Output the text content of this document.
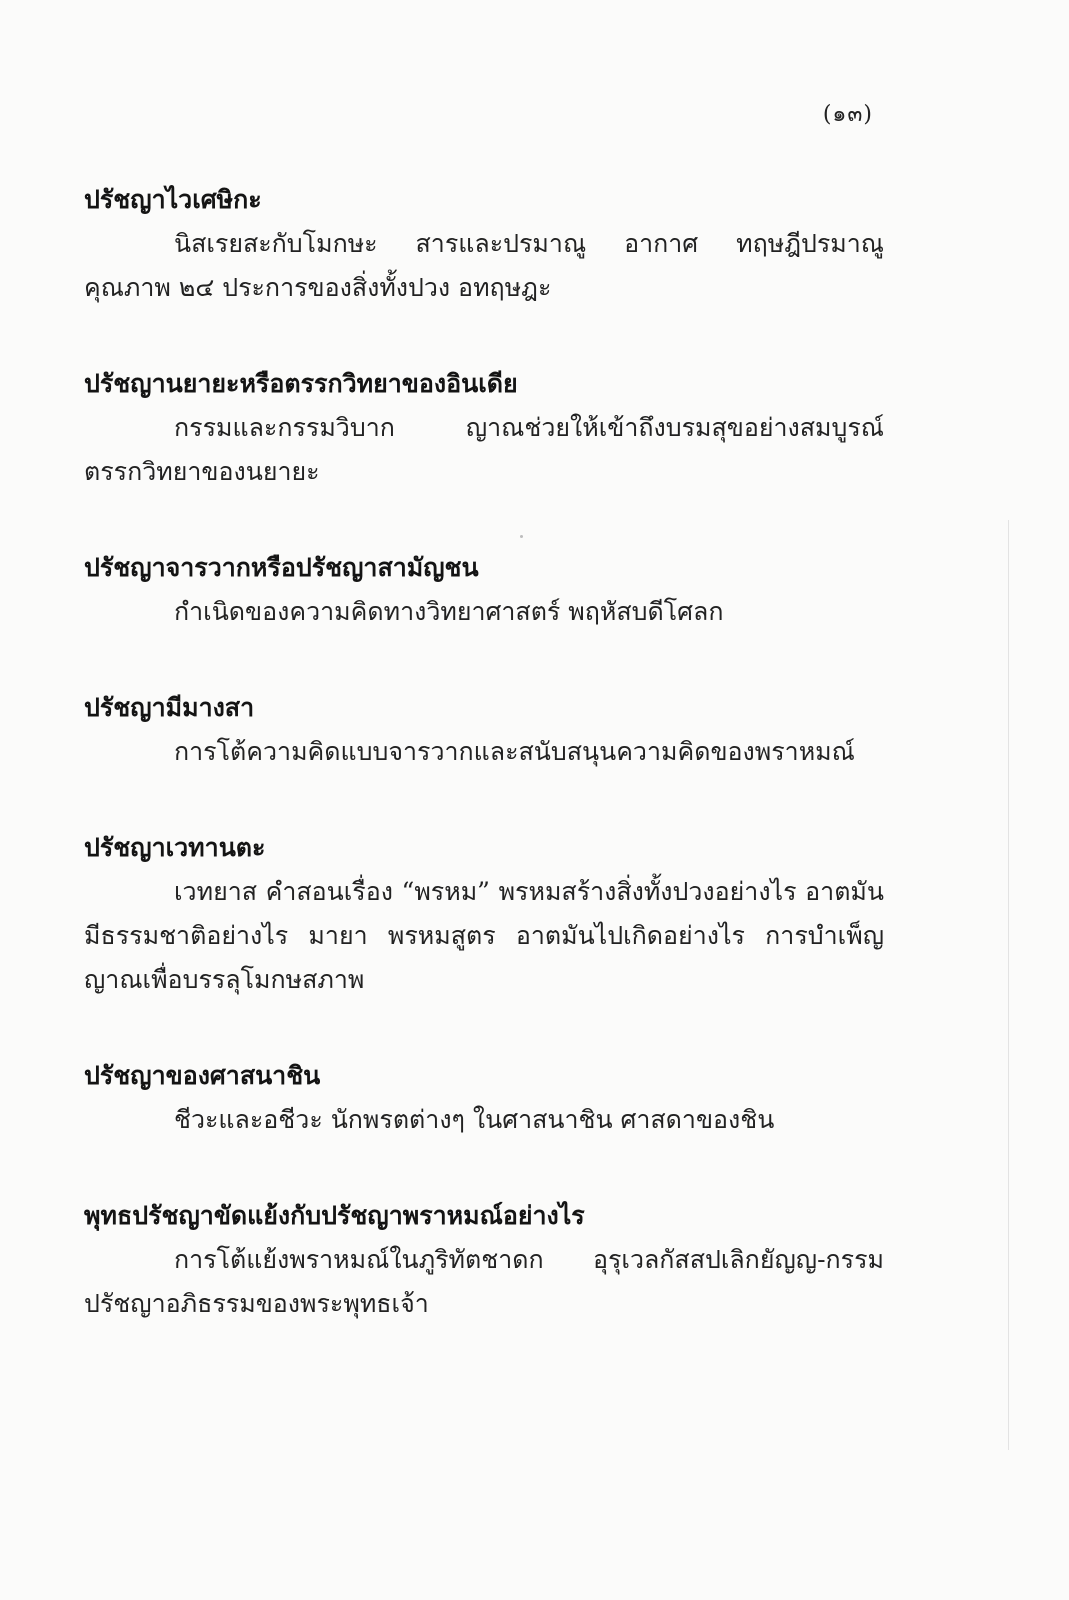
(๑๓)
ปรัชญาไวเศษิกะ

นิสเรยสะกับโมกษะ สารและปรมาณู อากาศ ทฤษฎีปรมาณู คุณภาพ ๒๔ ประการของสิ่งทั้งปวง อทฤษฎะ

ปรัชญานยายะหรือตรรกวิทยาของอินเดีย

กรรมและกรรมวิบาก ญาณช่วยให้เข้าถึงบรมสุขอย่างสมบูรณ์ ตรรกวิทยาของนยายะ

ปรัชญาจารวากหรือปรัชญาสามัญชน

กำเนิดของความคิดทางวิทยาศาสตร์ พฤหัสบดีโศลก

ปรัชญามีมางสา

การโต้ความคิดแบบจารวากและสนับสนุนความคิดของพราหมณ์

ปรัชญาเวทานตะ

เวทยาส คำสอนเรื่อง “พรหม” พรหมสร้างสิ่งทั้งปวงอย่างไร อาตมันมีธรรมชาติอย่างไร มายา พรหมสูตร อาตมันไปเกิดอย่างไร การบำเพ็ญญาณเพื่อบรรลุโมกษสภาพ

ปรัชญาของศาสนาชิน

ชีวะและอชีวะ นักพรตต่างๆ ในศาสนาชิน ศาสดาของชิน

พุทธปรัชญาขัดแย้งกับปรัชญาพราหมณ์อย่างไร

การโต้แย้งพราหมณ์ในภูริทัตชาดก อุรุเวลกัสสปเลิกยัญญ-กรรม ปรัชญาอภิธรรมของพระพุทธเจ้า
